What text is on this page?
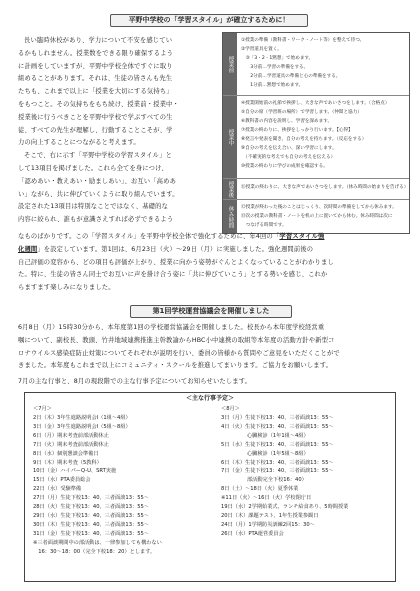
平野中学校の「学習スタイル」が確立するために！
長い臨時休校があり、学力について不安を感じてい
るかもしれません。授業数をできる限り確保するよう
に計画をしていますが、平野中学校全体ですぐに取り
組めることがあります。それは、生徒の皆さんも先生
たちも、これまで以上に「授業を大切にする気持ち」
をもつこと。その気持ちをもち続け、授業前・授業中・
授業後に行うべきことを平野中学校で学ぶすべての生
徒、すべての先生が理解し、行動することこそが、学
力の向上することにつながると考えます。
そこで、右に示す「平野中学校の学習スタイル」と
して13項目を掲げました。これら全てを身につけ、
「認めあい・教えあい・励ましあい」、お互い「高めあ
い」ながら、共に伸びていくように取り組んでいます。
設定された13項目は特別なことではなく、基礎的な
内容に絞られ、誰もが意識さえすれば必ずできるよう
授業前
授業中
授業後
休み時間
①授業の準備（教科書・ワーク・ノート等）を整えて待つ。
②学習道具を置く。
　③「3・2・1黙想」で始めます。
　　3分前…学習の準備をする。
　　2分前…学習道具の準備と心の準備をする。
　　1分前…黙想で始めます。
④授業開始前の礼節で挨拶し、大きな声であいさつをします。（合格点）
⑤自分の席（学習班の場所）で学習します。（仲間と協力）
⑥教科書の内容を説明し、学習を深めます。
⑦授業の終わりに、挨拶をしっかり行います。【心得】
⑧発言や発表を聞き、自分の考えを持ちます。（反応をする）
⑨自分の考えを伝え合い、深い学習にします。
　（不確実的な考えでも自分の考えを伝える）
⑩授業の終わりに学びの成果を確認する。
⑪授業の終わりに、大きな声であいさつをします。（休み時間の始まりを告げる）
⑫授業が終わった後のことはじっくり、次時間の準備をしてから休みます。
⑬次の授業の教科書・ノートを机の上に置いてから休む。休み時間は次に
　つなげる時間です。
なものばかりです。この「学習スタイル」を平野中学校全体で強化するために、年4回の「学習スタイル強
化週間」を設定しています。第1回は、6月23日（火）～29日（月）に実施しました。強化週間前後の
自己評価の変容から、どの項目も評価が上がり、授業に向かう姿勢がぐんとよくなっていることがわかりまし
た。特に、生徒の皆さん同士でお互いに声を掛け合う姿に「共に伸びていこう」とする勢いを感じ、これか
らますます楽しみになりました。
第1回学校運営協議会を開催しました
6月8日（月）15時30分から、本年度第1回の学校運営協議会を開催しました。校長から本年度学校経営重
嘱について、副校長、教頭、竹井地域連携推進主幹教諭からHBC小中連携の取組等本年度の活動方針や新型コ
ロナウイルス感染症防止対策についてそれぞれが説明を行い、委員の皆様から質問やご意見をいただくことがで
きました。本年度もこれまで以上にコミュニティ・スクールを推進してまいります。ご協力をお願いします。
7月の主な行事と、8月の現段階での主な行事予定についてお知らせいたします。
＜主な行事予定＞
＜7月＞	＜8月＞
2日（木）3年生進路説明会Ⅰ（1組～4組）
3日（金）3年生進路説明会Ⅰ（5組～8組）
6日（月）期末考査前部活動休止
7日（火）期末考査前部活動休止
8日（水）個別懇談会準備日
9日（木）期末考査（5教科）
10日（金）ハイパーQ-U、SRT実施
15日（水）PTA委員総会
22日（水）受験準備
27日（月）生徒下校13：40、三者面談13：55～
28日（火）生徒下校13：40、三者面談13：55～
29日（水）生徒下校13：40、三者面談13：55～
30日（木）生徒下校13：40、三者面談13：55～
31日（金）生徒下校13：40、三者面談13：55～
※三者面談期間中の部活動は、一律参加しても構わない
　16：30～18：00（完全下校18：20）とします。
3日（月）生徒下校13：40、三者面談13：55～
4日（火）生徒下校13：40、三者面談13：55～
　　　　　心臓検診（1年1組～4組）
5日（水）生徒下校13：40、三者面談13：55～
　　　　　心臓検診（1年5組～8組）
6日（木）生徒下校13：40、三者面談13：55～
7日（金）生徒下校13：40、三者面談13：55～
　　　　　部活動完全下校16：40）
8日（土）～18日（火）夏季休業
※11日（火）～16日（火）学校閉庁日
19日（水）2学期始業式、ランチ給食あり、5時間授業
20日（木）課題テスト、1年生授業参観日
24日（月）1学期防災訓練2回15：30～
26日（水）PTA運営委員会
